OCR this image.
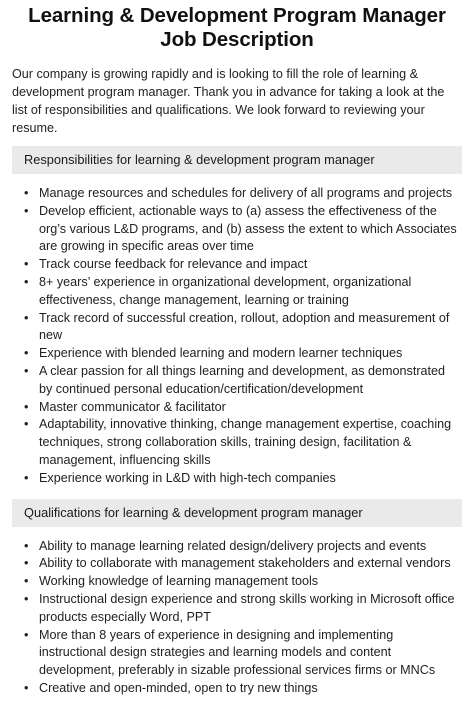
Learning & Development Program Manager
Job Description

Our company is growing rapidly and is looking to fill the role of learning & development program manager. Thank you in advance for taking a look at the list of responsibilities and qualifications. We look forward to reviewing your resume.

Responsibilities for learning & development program manager
• Manage resources and schedules for delivery of all programs and projects
• Develop efficient, actionable ways to (a) assess the effectiveness of the org’s various L&D programs, and (b) assess the extent to which Associates are growing in specific areas over time
• Track course feedback for relevance and impact
• 8+ years’ experience in organizational development, organizational effectiveness, change management, learning or training
• Track record of successful creation, rollout, adoption and measurement of new
• Experience with blended learning and modern learner techniques
• A clear passion for all things learning and development, as demonstrated by continued personal education/certification/development
• Master communicator & facilitator
• Adaptability, innovative thinking, change management expertise, coaching techniques, strong collaboration skills, training design, facilitation & management, influencing skills
• Experience working in L&D with high-tech companies
Qualifications for learning & development program manager
• Ability to manage learning related design/delivery projects and events
• Ability to collaborate with management stakeholders and external vendors
• Working knowledge of learning management tools
• Instructional design experience and strong skills working in Microsoft office products especially Word, PPT
• More than 8 years of experience in designing and implementing instructional design strategies and learning models and content development, preferably in sizable professional services firms or MNCs
• Creative and open-minded, open to try new things
